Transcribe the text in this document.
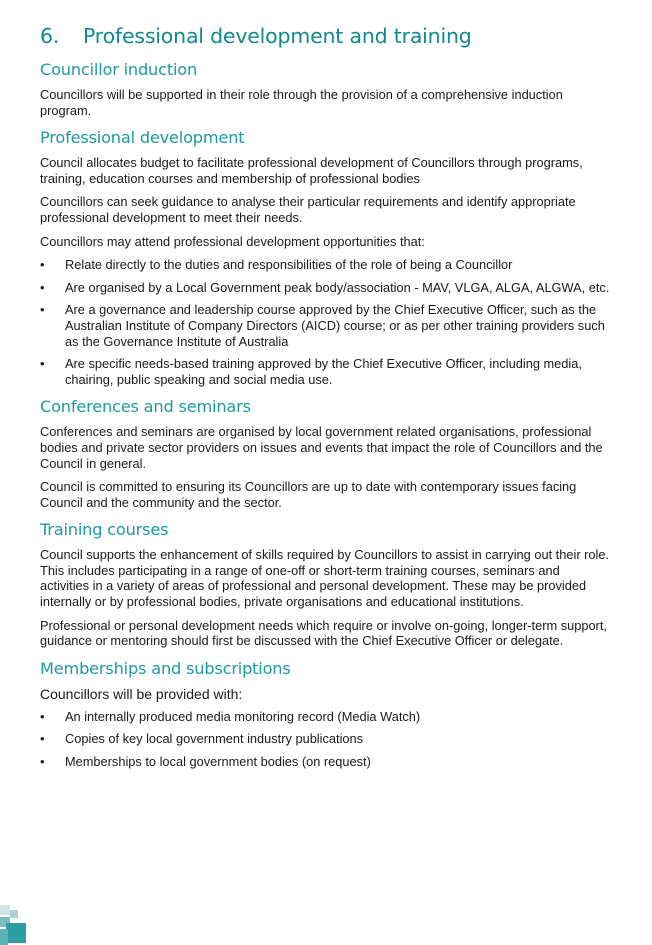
6. Professional development and training
Councillor induction

Councillors will be supported in their role through the provision of a comprehensive induction program.

Professional development

Council allocates budget to facilitate professional development of Councillors through programs, training, education courses and membership of professional bodies

Councillors can seek guidance to analyse their particular requirements and identify appropriate professional development to meet their needs.

Councillors may attend professional development opportunities that:

• Relate directly to the duties and responsibilities of the role of being a Councillor
• Are organised by a Local Government peak body/association - MAV, VLGA, ALGA, ALGWA, etc.
• Are a governance and leadership course approved by the Chief Executive Officer, such as the Australian Institute of Company Directors (AICD) course; or as per other training providers such as the Governance Institute of Australia
• Are specific needs-based training approved by the Chief Executive Officer, including media, chairing, public speaking and social media use.
Conferences and seminars

Conferences and seminars are organised by local government related organisations, professional bodies and private sector providers on issues and events that impact the role of Councillors and the Council in general.

Council is committed to ensuring its Councillors are up to date with contemporary issues facing Council and the community and the sector.

Training courses

Council supports the enhancement of skills required by Councillors to assist in carrying out their role. This includes participating in a range of one-off or short-term training courses, seminars and activities in a variety of areas of professional and personal development. These may be provided internally or by professional bodies, private organisations and educational institutions.

Professional or personal development needs which require or involve on-going, longer-term support, guidance or mentoring should first be discussed with the Chief Executive Officer or delegate.

Memberships and subscriptions

Councillors will be provided with:

• An internally produced media monitoring record (Media Watch)
• Copies of key local government industry publications
• Memberships to local government bodies (on request)
